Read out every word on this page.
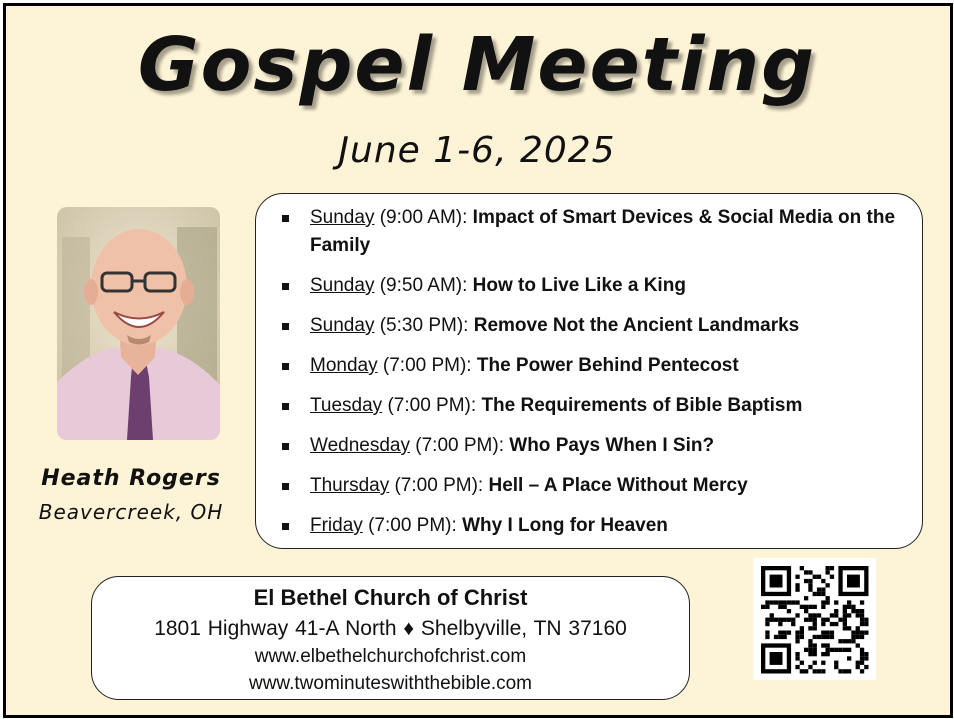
Gospel Meeting
June 1-6, 2025
Heath Rogers
Beavercreek, OH
Sunday (9:00 AM): Impact of Smart Devices & Social Media on the Family
Sunday (9:50 AM): How to Live Like a King
Sunday (5:30 PM): Remove Not the Ancient Landmarks
Monday (7:00 PM): The Power Behind Pentecost
Tuesday (7:00 PM): The Requirements of Bible Baptism
Wednesday (7:00 PM): Who Pays When I Sin?
Thursday (7:00 PM): Hell – A Place Without Mercy
Friday (7:00 PM): Why I Long for Heaven
El Bethel Church of Christ
1801 Highway 41-A North ♦ Shelbyville, TN 37160
www.elbethelchurchofchrist.com
www.twominuteswiththebible.com
